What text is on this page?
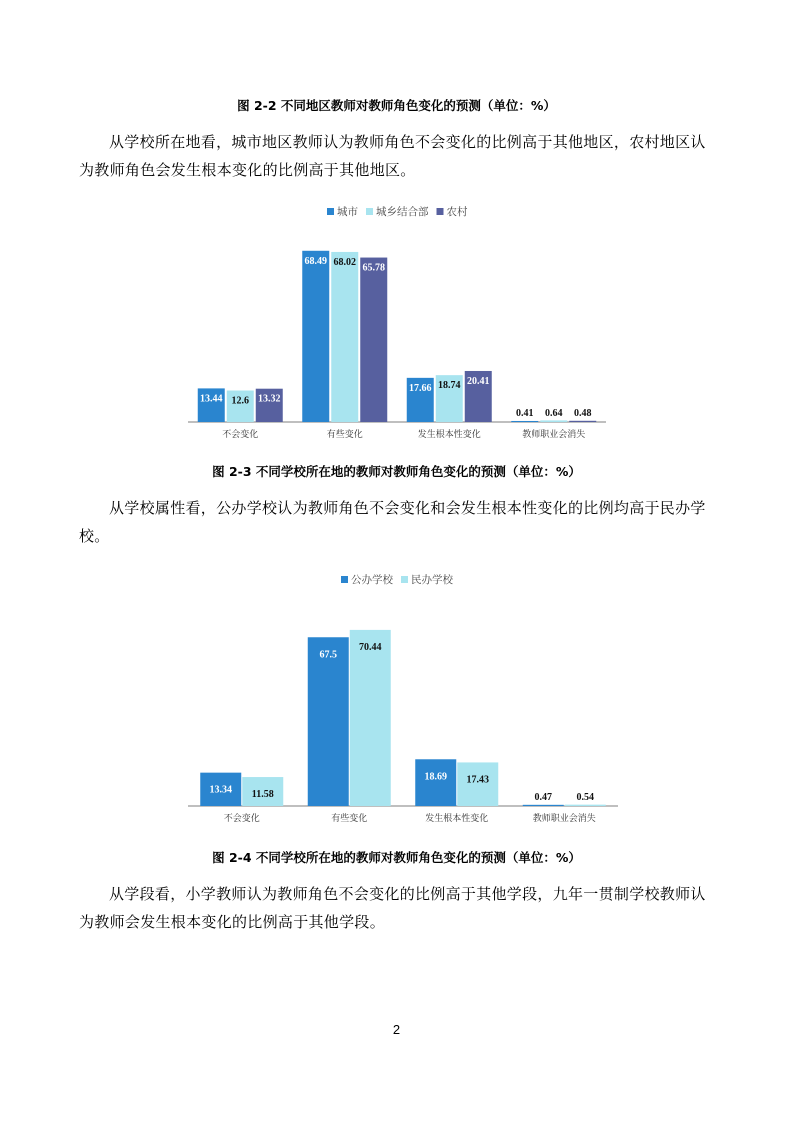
图 2-2 不同地区教师对教师角色变化的预测（单位：%）
从学校所在地看，城市地区教师认为教师角色不会变化的比例高于其他地区，农村地区认为教师角色会发生根本变化的比例高于其他地区。
城市 城乡结合部 农村
13.44 12.6 13.32
不会变化
68.49 68.02
65.78
有些变化
17.66 18.74 20.41
发生根本性变化
0.41 0.64 0.48
教师职业会消失
图 2-3 不同学校所在地的教师对教师角色变化的预测（单位：%）
从学校属性看，公办学校认为教师角色不会变化和会发生根本性变化的比例均高于民办学校。
公办学校 民办学校
13.34 11.58
不会变化
67.5
70.44
有些变化
18.69 17.43
发生根本性变化
0.47 0.54
教师职业会消失
图 2-4 不同学校所在地的教师对教师角色变化的预测（单位：%）
从学段看，小学教师认为教师角色不会变化的比例高于其他学段，九年一贯制学校教师认为教师会发生根本变化的比例高于其他学段。
2
